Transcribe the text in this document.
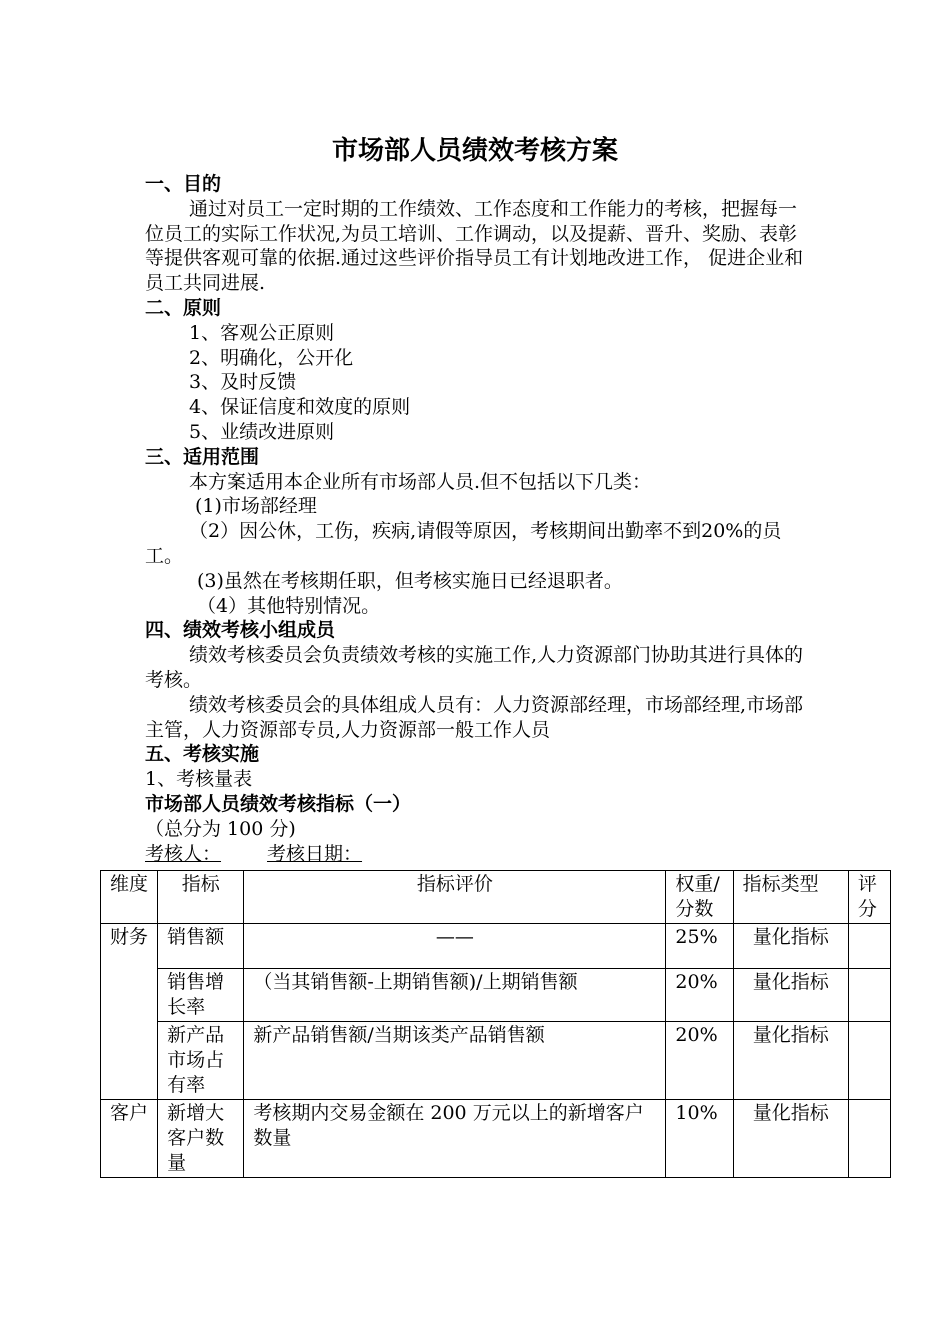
市场部人员绩效考核方案
一、目的
通过对员工一定时期的工作绩效、工作态度和工作能力的考核，把握每一位员工的实际工作状况,为员工培训、工作调动，以及提薪、晋升、奖励、表彰等提供客观可靠的依据.通过这些评价指导员工有计划地改进工作， 促进企业和员工共同进展.
二、原则
1、客观公正原则
2、明确化，公开化
3、及时反馈
4、保证信度和效度的原则
5、业绩改进原则
三、适用范围
本方案适用本企业所有市场部人员.但不包括以下几类：
(1)市场部经理
（2）因公休，工伤，疾病,请假等原因，考核期间出勤率不到20%的员工。
(3)虽然在考核期任职，但考核实施日已经退职者。
（4）其他特别情况。
四、绩效考核小组成员
绩效考核委员会负责绩效考核的实施工作,人力资源部门协助其进行具体的考核。
绩效考核委员会的具体组成人员有：人力资源部经理，市场部经理,市场部主管，人力资源部专员,人力资源部一般工作人员
五、考核实施
1、考核量表
市场部人员绩效考核指标（一）
（总分为 100 分)
考核人： 考核日期：
维度	指标	指标评价	权重/分数	指标类型	评分
财务	销售额	——	25%	量化指标	
	销售增长率	（当其销售额-上期销售额)/上期销售额	20%	量化指标	
	新产品市场占有率	新产品销售额/当期该类产品销售额	20%	量化指标	
客户	新增大客户数量	考核期内交易金额在 200 万元以上的新增客户数量	10%	量化指标	
